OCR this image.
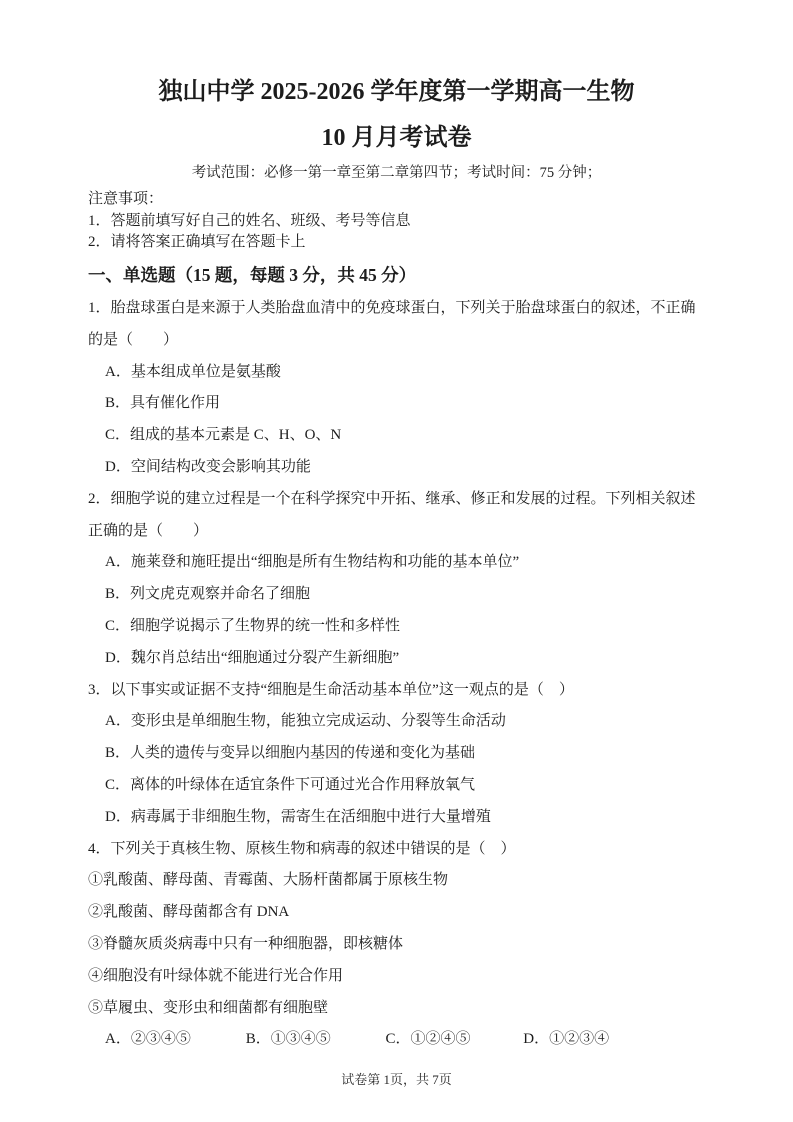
独山中学 2025-2026 学年度第一学期高一生物
10 月月考试卷
考试范围：必修一第一章至第二章第四节；考试时间：75 分钟；
注意事项：
1．答题前填写好自己的姓名、班级、考号等信息
2．请将答案正确填写在答题卡上
一、单选题（15 题，每题 3 分，共 45 分）
1．胎盘球蛋白是来源于人类胎盘血清中的免疫球蛋白，下列关于胎盘球蛋白的叙述，不正确的是（　　）
A．基本组成单位是氨基酸
B．具有催化作用
C．组成的基本元素是 C、H、O、N
D．空间结构改变会影响其功能
2．细胞学说的建立过程是一个在科学探究中开拓、继承、修正和发展的过程。下列相关叙述正确的是（　　）
A．施莱登和施旺提出“细胞是所有生物结构和功能的基本单位”
B．列文虎克观察并命名了细胞
C．细胞学说揭示了生物界的统一性和多样性
D．魏尔肖总结出“细胞通过分裂产生新细胞”
3．以下事实或证据不支持“细胞是生命活动基本单位”这一观点的是（　）
A．变形虫是单细胞生物，能独立完成运动、分裂等生命活动
B．人类的遗传与变异以细胞内基因的传递和变化为基础
C．离体的叶绿体在适宜条件下可通过光合作用释放氧气
D．病毒属于非细胞生物，需寄生在活细胞中进行大量增殖
4．下列关于真核生物、原核生物和病毒的叙述中错误的是（　）
①乳酸菌、酵母菌、青霉菌、大肠杆菌都属于原核生物
②乳酸菌、酵母菌都含有 DNA
③脊髓灰质炎病毒中只有一种细胞器，即核糖体
④细胞没有叶绿体就不能进行光合作用
⑤草履虫、变形虫和细菌都有细胞壁
A．②③④⑤	B．①③④⑤	C．①②④⑤	D．①②③④
试卷第 1页，共 7页
